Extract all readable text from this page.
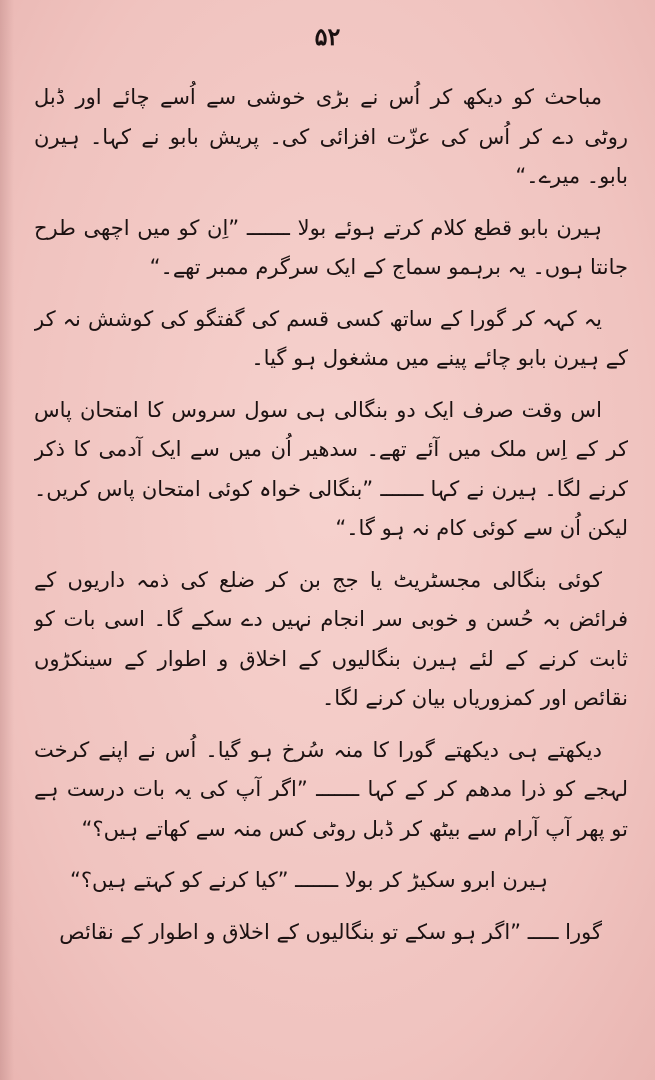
۵۲

مباحث کو دیکھ کر اُس نے بڑی خوشی سے اُسے چائے اور ڈبل روٹی دے کر اُس کی عزّت افزائی کی۔ پریش بابو نے کہا۔ ہیرن بابو۔ میرے۔“

ہیرن بابو قطع کلام کرتے ہوئے بولا ـــــــ ”اِن کو میں اچھی طرح جانتا ہوں۔ یہ برہمو سماج کے ایک سرگرم ممبر تھے۔“

یہ کہہ کر گورا کے ساتھ کسی قسم کی گفتگو کی کوشش نہ کر کے ہیرن بابو چائے پینے میں مشغول ہو گیا۔

اس وقت صرف ایک دو بنگالی ہی سول سروس کا امتحان پاس کر کے اِس ملک میں آئے تھے۔ سدھیر اُن میں سے ایک آدمی کا ذکر کرنے لگا۔ ہیرن نے کہا ـــــــ ”بنگالی خواہ کوئی امتحان پاس کریں۔ لیکن اُن سے کوئی کام نہ ہو گا۔“

کوئی بنگالی مجسٹریٹ یا جج بن کر ضلع کی ذمہ داریوں کے فرائض بہ حُسن و خوبی سر انجام نہیں دے سکے گا۔ اسی بات کو ثابت کرنے کے لئے ہیرن بنگالیوں کے اخلاق و اطوار کے سینکڑوں نقائص اور کمزوریاں بیان کرنے لگا۔

دیکھتے ہی دیکھتے گورا کا منہ سُرخ ہو گیا۔ اُس نے اپنے کرخت لہجے کو ذرا مدھم کر کے کہا ـــــــ ”اگر آپ کی یہ بات درست ہے تو پھر آپ آرام سے بیٹھ کر ڈبل روٹی کس منہ سے کھاتے ہیں؟“

ہیرن ابرو سکیڑ کر بولا ـــــــ ”کیا کرنے کو کہتے ہیں؟“

گورا ـــــ ”اگر ہو سکے تو بنگالیوں کے اخلاق و اطوار کے نقائص
